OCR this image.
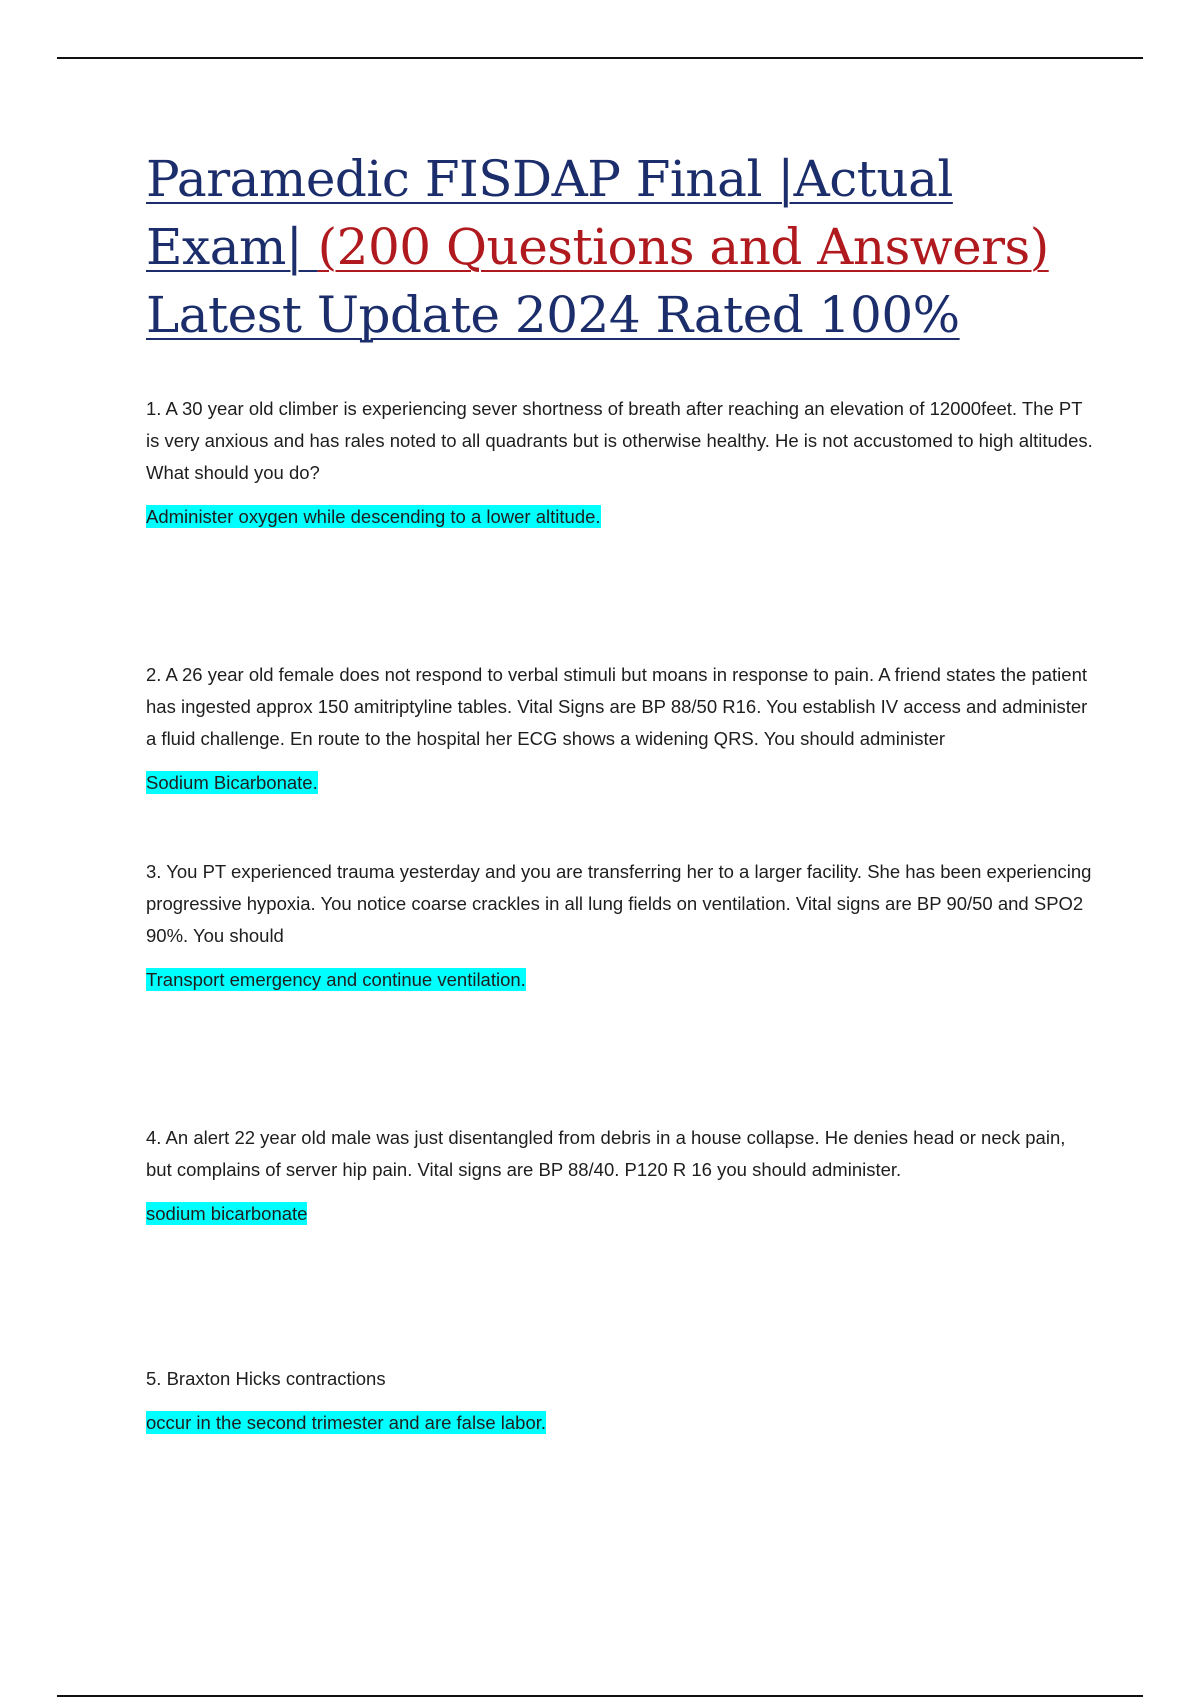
Paramedic FISDAP Final |Actual Exam| (200 Questions and Answers) Latest Update 2024 Rated 100%

1. A 30 year old climber is experiencing sever shortness of breath after reaching an elevation of 12000feet. The PT is very anxious and has rales noted to all quadrants but is otherwise healthy. He is not accustomed to high altitudes. What should you do?

Administer oxygen while descending to a lower altitude.

2. A 26 year old female does not respond to verbal stimuli but moans in response to pain. A friend states the patient has ingested approx 150 amitriptyline tables. Vital Signs are BP 88/50 R16. You establish IV access and administer a fluid challenge. En route to the hospital her ECG shows a widening QRS. You should administer

Sodium Bicarbonate.

3. You PT experienced trauma yesterday and you are transferring her to a larger facility. She has been experiencing progressive hypoxia. You notice coarse crackles in all lung fields on ventilation. Vital signs are BP 90/50 and SPO2 90%. You should

Transport emergency and continue ventilation.

4. An alert 22 year old male was just disentangled from debris in a house collapse. He denies head or neck pain, but complains of server hip pain. Vital signs are BP 88/40. P120 R 16 you should administer.

sodium bicarbonate

5. Braxton Hicks contractions

occur in the second trimester and are false labor.
